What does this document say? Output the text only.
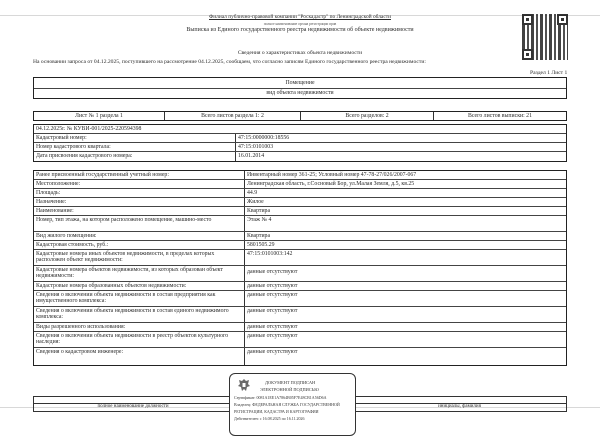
Филиал публично-правовой компании "Роскадастр" по Ленинградской области
полное наименование органа регистрации прав
Выписка из Единого государственного реестра недвижимости об объекте недвижимости
Сведения о характеристиках объекта недвижимости
На основании запроса от 04.12.2025, поступившего на рассмотрение 04.12.2025, сообщаем, что согласно записям Единого государственного реестра недвижимости:
Раздел 1 Лист 1
Помещение
вид объекта недвижимости
Лист № 1 раздела 1	Всего листов раздела 1: 2	Всего разделов: 2	Всего листов выписки: 21
04.12.2025г. № КУВИ-001/2025-220594398
Кадастровый номер:	47:15:0000000:18556
Номер кадастрового квартала:	47:15:0101003
Дата присвоения кадастрового номера:	16.01.2014
Ранее присвоенный государственный учетный номер:	Инвентарный номер 361-25; Условный номер 47-78-27/026/2007-067
Местоположение:	Ленинградская область, г.Сосновый Бор, ул.Малая Земля, д.5, кв.25
Площадь:	44.9
Назначение:	Жилое
Наименование:	Квартира
Номер, тип этажа, на котором расположено помещение, машино-место	Этаж № 4
Вид жилого помещения:	Квартира
Кадастровая стоимость, руб.:	5801505.29
Кадастровые номера иных объектов недвижимости, в пределах которых расположен объект недвижимости:
47:15:0101003:142
Кадастровые номера объектов недвижимости, из которых образован объект недвижимости:
данные отсутствуют
Кадастровые номера образованных объектов недвижимости:	данные отсутствуют
Сведения о включении объекта недвижимости в состав предприятия как имущественного комплекса:
данные отсутствуют
Сведения о включении объекта недвижимости в состав единого недвижимого комплекса:
данные отсутствуют
Виды разрешенного использования:	данные отсутствуют
Сведения о включении объекта недвижимости в реестр объектов культурного наследия:
данные отсутствуют
Сведения о кадастровом инженере:	данные отсутствуют
полное наименование должности	инициалы, фамилия
ДОКУМЕНТ ПОДПИСАН
ЭЛЕКТРОННОЙ ПОДПИСЬЮ
Сертификат: 0081A1EE1A7864B05F7E48CB1A56D6A
Владелец: ФЕДЕРАЛЬНАЯ СЛУЖБА ГОСУДАРСТВЕННОЙ
РЕГИСТРАЦИИ, КАДАСТРА И КАРТОГРАФИИ
Действителен: с 16.08.2025 по 16.11.2026
